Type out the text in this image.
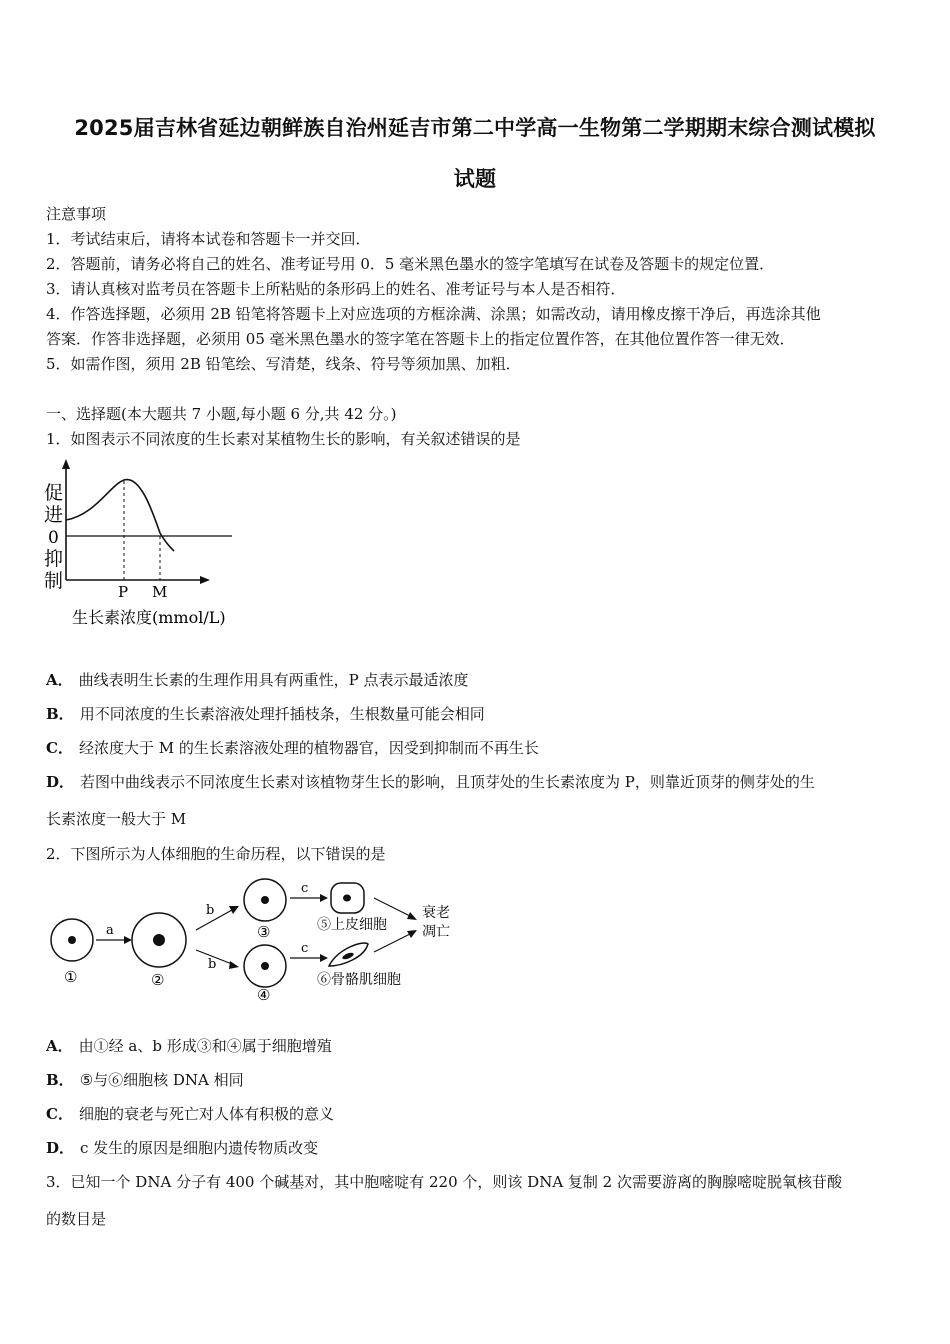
2025届吉林省延边朝鲜族自治州延吉市第二中学高一生物第二学期期末综合测试模拟
试题
注意事项
1．考试结束后，请将本试卷和答题卡一并交回．
2．答题前，请务必将自己的姓名、准考证号用 0．5 毫米黑色墨水的签字笔填写在试卷及答题卡的规定位置．
3．请认真核对监考员在答题卡上所粘贴的条形码上的姓名、准考证号与本人是否相符．
4．作答选择题，必须用 2B 铅笔将答题卡上对应选项的方框涂满、涂黑；如需改动，请用橡皮擦干净后，再选涂其他
答案．作答非选择题，必须用 05 毫米黑色墨水的签字笔在答题卡上的指定位置作答，在其他位置作答一律无效．
5．如需作图，须用 2B 铅笔绘、写清楚，线条、符号等须加黑、加粗．
一、选择题(本大题共 7 小题,每小题 6 分,共 42 分。)
1．如图表示不同浓度的生长素对某植物生长的影响，有关叙述错误的是
促
进
0
抑
制	P M
生长素浓度(mmol/L)
A． 曲线表明生长素的生理作用具有两重性，P 点表示最适浓度
B． 用不同浓度的生长素溶液处理扦插枝条，生根数量可能会相同
C． 经浓度大于 M 的生长素溶液处理的植物器官，因受到抑制而不再生长
D． 若图中曲线表示不同浓度生长素对该植物芽生长的影响，且顶芽处的生长素浓度为 P，则靠近顶芽的侧芽处的生
长素浓度一般大于 M
2．下图所示为人体细胞的生命历程，以下错误的是
①
a
②
b
b
③
④
c
c
⑤上皮细胞
⑥骨骼肌细胞
衰老
凋亡
A． 由①经 a、b 形成③和④属于细胞增殖
B． ⑤与⑥细胞核 DNA 相同
C． 细胞的衰老与死亡对人体有积极的意义
D． c 发生的原因是细胞内遗传物质改变
3．已知一个 DNA 分子有 400 个碱基对，其中胞嘧啶有 220 个，则该 DNA 复制 2 次需要游离的胸腺嘧啶脱氧核苷酸
的数目是
